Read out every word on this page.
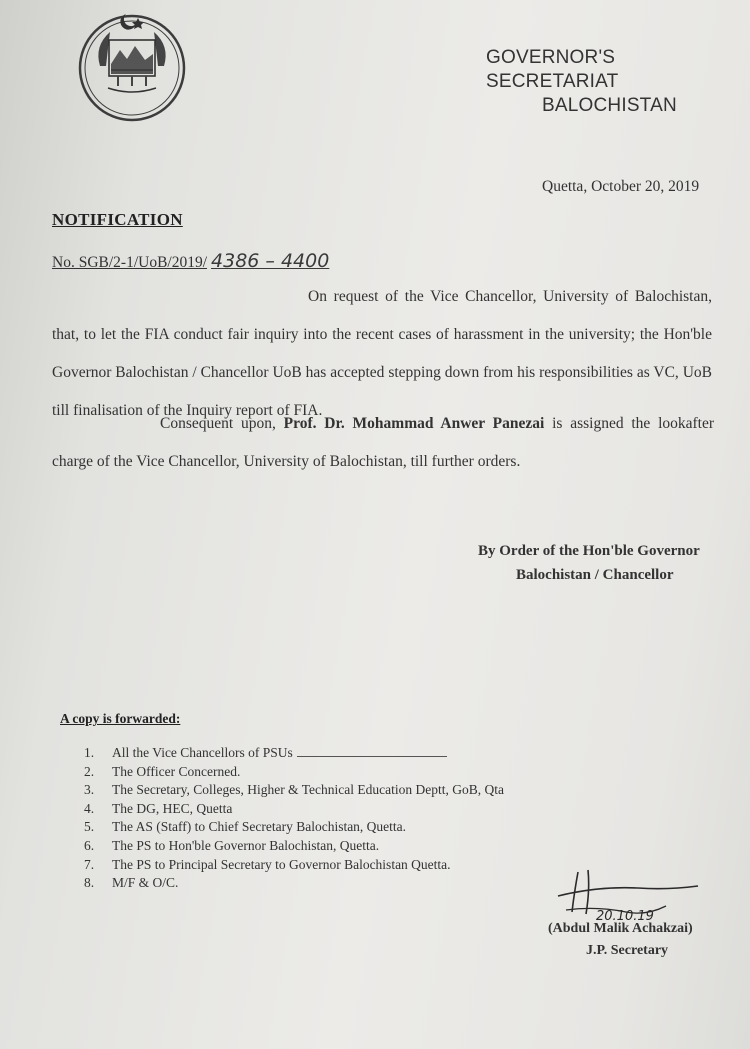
GOVERNOR'S SECRETARIAT
BALOCHISTAN
Quetta, October 20, 2019
NOTIFICATION
No. SGB/2-1/UoB/2019/ 4386 – 4400
On request of the Vice Chancellor, University of Balochistan, that, to let the FIA conduct fair inquiry into the recent cases of harassment in the university; the Hon'ble Governor Balochistan / Chancellor UoB has accepted stepping down from his responsibilities as VC, UoB till finalisation of the Inquiry report of FIA.
Consequent upon, Prof. Dr. Mohammad Anwer Panezai is assigned the lookafter charge of the Vice Chancellor, University of Balochistan, till further orders.
By Order of the Hon'ble Governor
Balochistan / Chancellor
A copy is forwarded:
1. All the Vice Chancellors of PSUs
2. The Officer Concerned.
3. The Secretary, Colleges, Higher & Technical Education Deptt, GoB, Qta
4. The DG, HEC, Quetta
5. The AS (Staff) to Chief Secretary Balochistan, Quetta.
6. The PS to Hon'ble Governor Balochistan, Quetta.
7. The PS to Principal Secretary to Governor Balochistan Quetta.
8. M/F & O/C.
20.10.19
(Abdul Malik Achakzai)
J.P. Secretary
